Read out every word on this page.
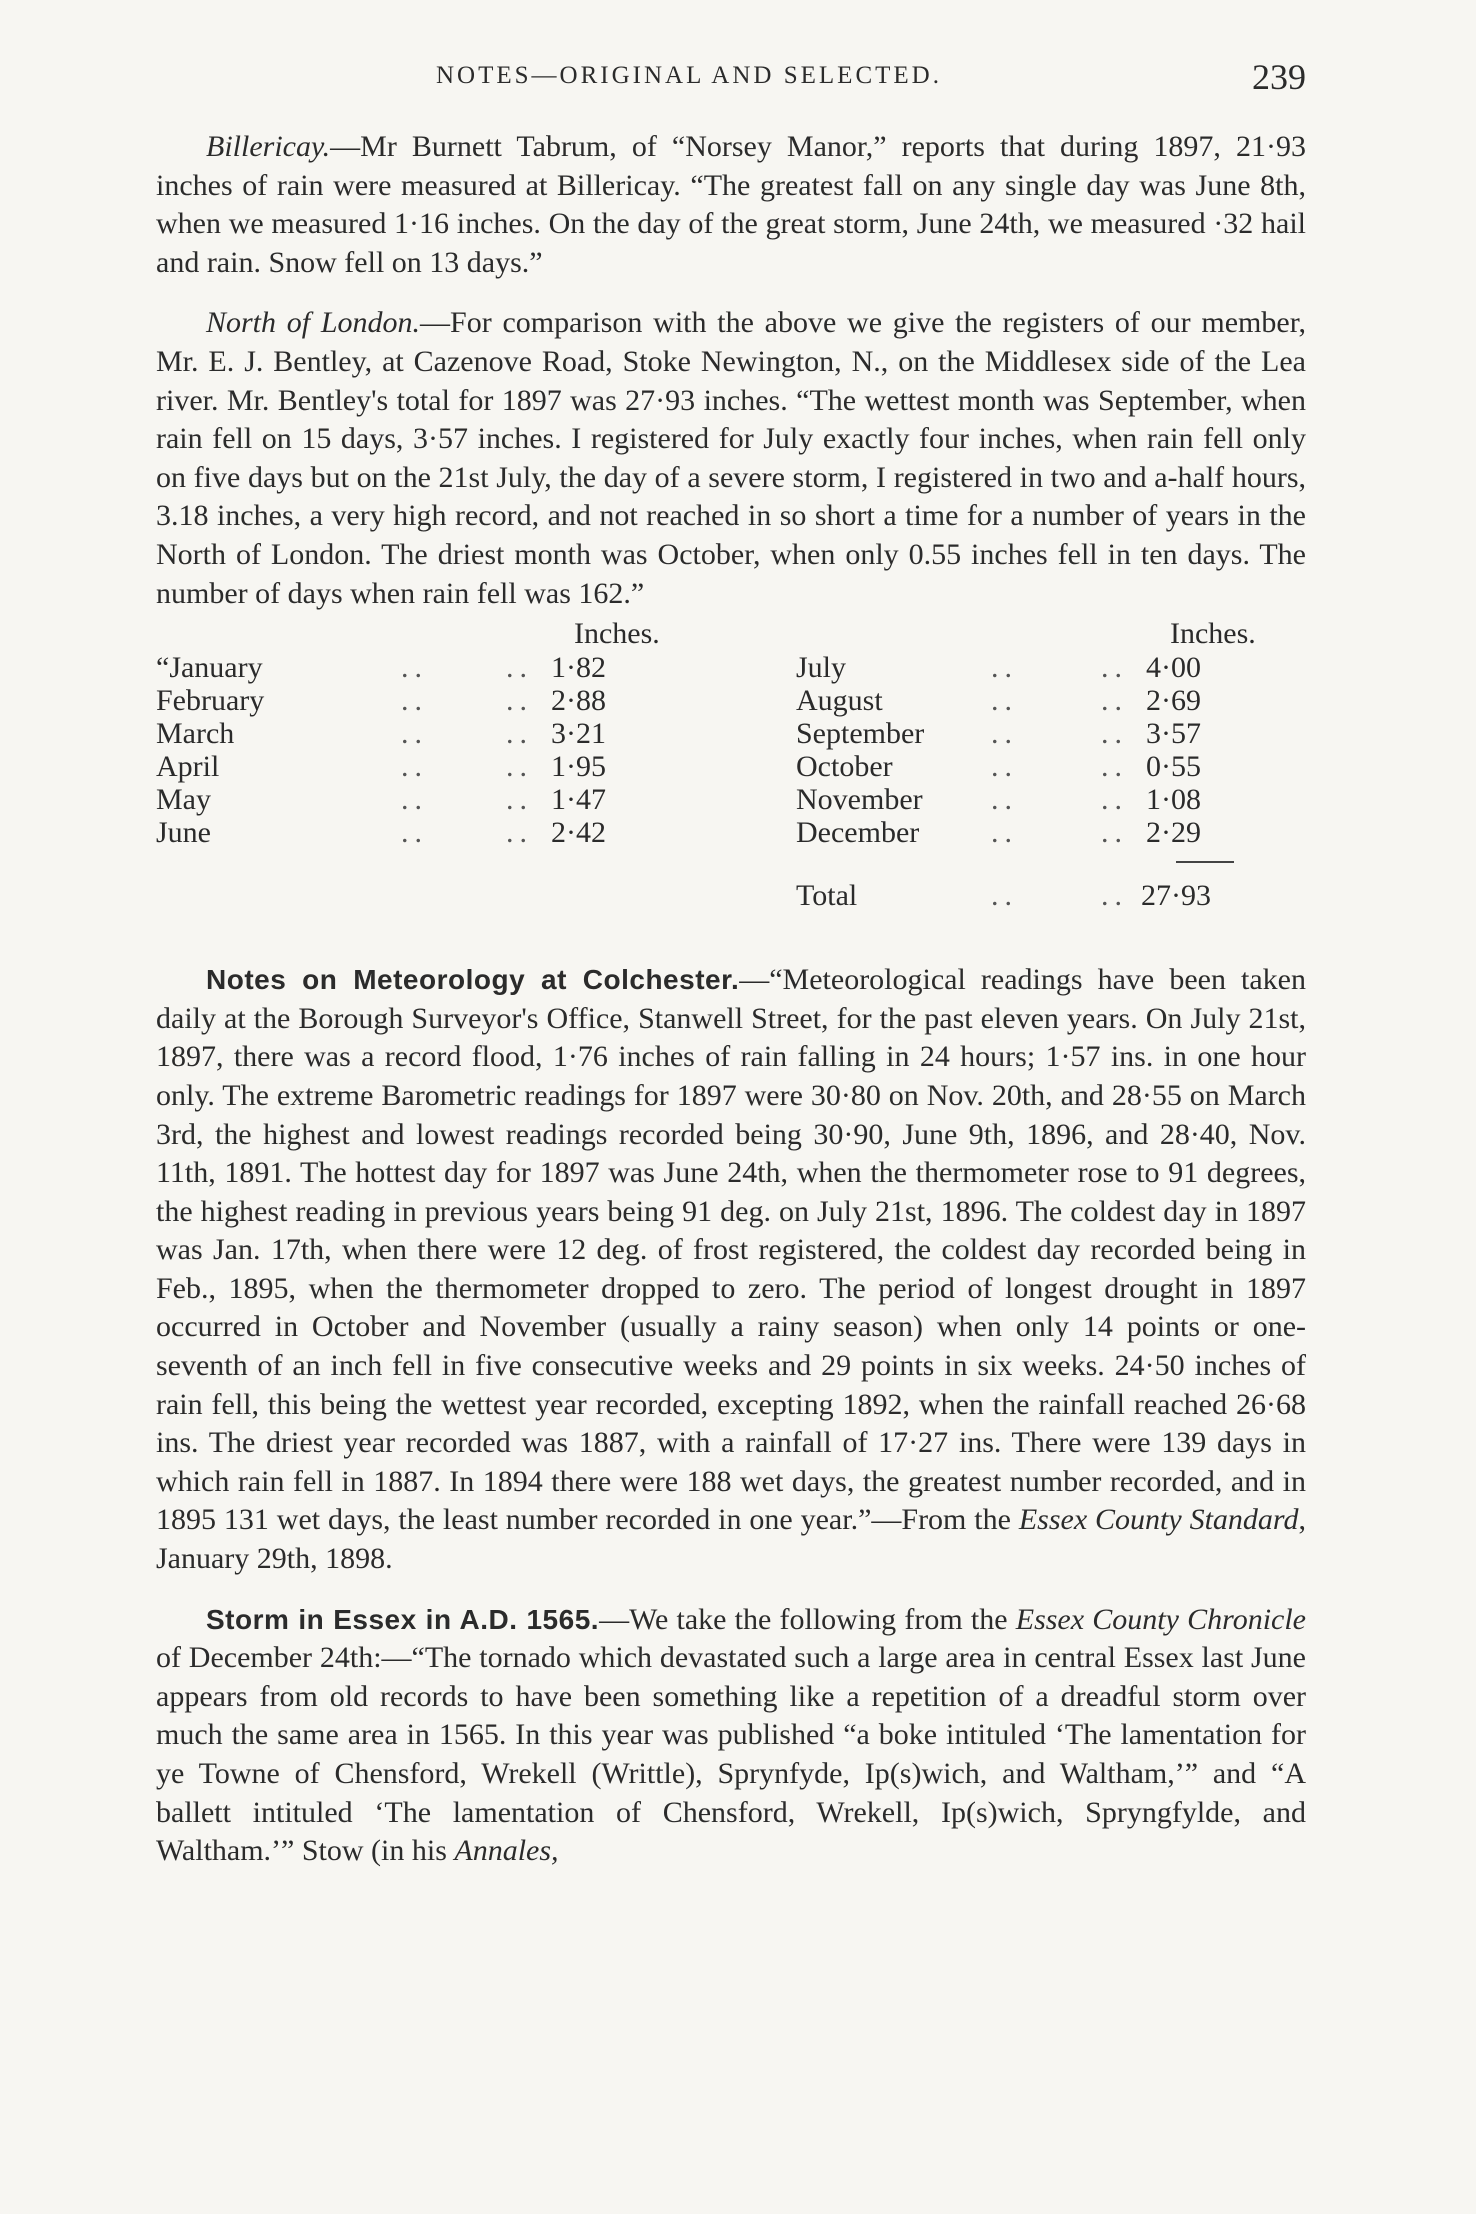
NOTES—ORIGINAL AND SELECTED.	239

Billericay.—Mr Burnett Tabrum, of “Norsey Manor,” reports that during 1897, 21·93 inches of rain were measured at Billericay. “The greatest fall on any single day was June 8th, when we measured 1·16 inches. On the day of the great storm, June 24th, we measured ·32 hail and rain. Snow fell on 13 days.”

North of London.—For comparison with the above we give the registers of our member, Mr. E. J. Bentley, at Cazenove Road, Stoke Newington, N., on the Middlesex side of the Lea river. Mr. Bentley's total for 1897 was 27·93 inches. “The wettest month was September, when rain fell on 15 days, 3·57 inches. I registered for July exactly four inches, when rain fell only on five days but on the 21st July, the day of a severe storm, I registered in two and a-half hours, 3.18 inches, a very high record, and not reached in so short a time for a number of years in the North of London. The driest month was October, when only 0.55 inches fell in ten days. The number of days when rain fell was 162.”

Inches.	Inches.
“January	..	.. 1·82
February	..	.. 2·88
March	..	.. 3·21
April	..	.. 1·95
May	..	.. 1·47
June	..	.. 2·42
July	..	.. 4·00
August	..	.. 2·69
September ..	.. 3·57
October	..	.. 0·55
November ..	.. 1·08
December ..	.. 2·29
Total	..	.. 27·93

Notes on Meteorology at Colchester.—“Meteorological readings have been taken daily at the Borough Surveyor's Office, Stanwell Street, for the past eleven years. On July 21st, 1897, there was a record flood, 1·76 inches of rain falling in 24 hours; 1·57 ins. in one hour only. The extreme Barometric readings for 1897 were 30·80 on Nov. 20th, and 28·55 on March 3rd, the highest and lowest readings recorded being 30·90, June 9th, 1896, and 28·40, Nov. 11th, 1891. The hottest day for 1897 was June 24th, when the thermometer rose to 91 degrees, the highest reading in previous years being 91 deg. on July 21st, 1896. The coldest day in 1897 was Jan. 17th, when there were 12 deg. of frost registered, the coldest day recorded being in Feb., 1895, when the thermometer dropped to zero. The period of longest drought in 1897 occurred in October and November (usually a rainy season) when only 14 points or one-seventh of an inch fell in five consecutive weeks and 29 points in six weeks. 24·50 inches of rain fell, this being the wettest year recorded, excepting 1892, when the rainfall reached 26·68 ins. The driest year recorded was 1887, with a rainfall of 17·27 ins. There were 139 days in which rain fell in 1887. In 1894 there were 188 wet days, the greatest number recorded, and in 1895 131 wet days, the least number recorded in one year.”—From the Essex County Standard, January 29th, 1898.

Storm in Essex in A.D. 1565.—We take the following from the Essex County Chronicle of December 24th:—“The tornado which devastated such a large area in central Essex last June appears from old records to have been something like a repetition of a dreadful storm over much the same area in 1565. In this year was published “a boke intituled ‘The lamentation for ye Towne of Chensford, Wrekell (Writtle), Sprynfyde, Ip(s)wich, and Waltham,’” and “A ballett intituled ‘The lamentation of Chensford, Wrekell, Ip(s)wich, Spryngfylde, and Waltham.’” Stow (in his Annales,
